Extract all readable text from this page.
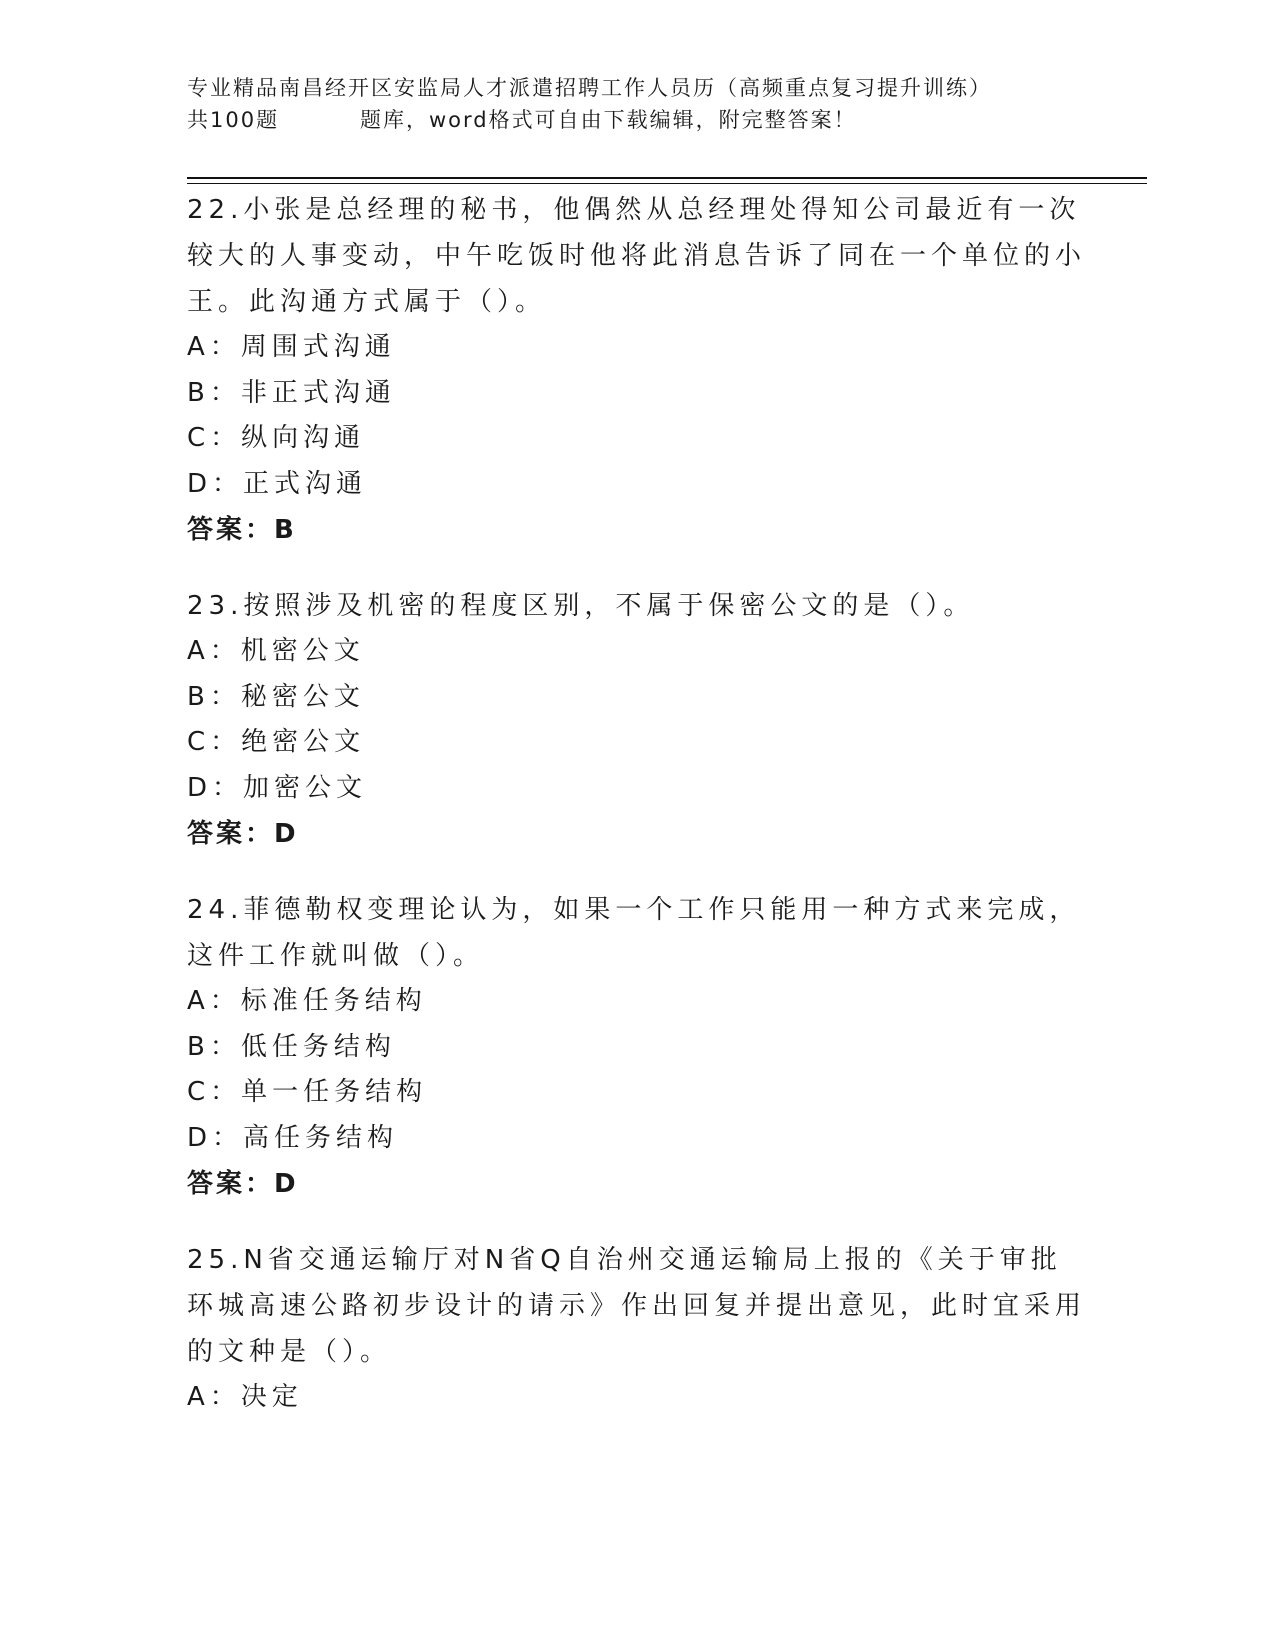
专业精品南昌经开区安监局人才派遣招聘工作人员历（高频重点复习提升训练）
共100题	题库，word格式可自由下载编辑，附完整答案！

22.小张是总经理的秘书，他偶然从总经理处得知公司最近有一次较大的人事变动，中午吃饭时他将此消息告诉了同在一个单位的小王。此沟通方式属于（）。

A：周围式沟通

B：非正式沟通

C：纵向沟通

D：正式沟通

答案：B

23.按照涉及机密的程度区别，不属于保密公文的是（）。

A：机密公文

B：秘密公文

C：绝密公文

D：加密公文

答案：D

24.菲德勒权变理论认为，如果一个工作只能用一种方式来完成，这件工作就叫做（）。

A：标准任务结构

B：低任务结构

C：单一任务结构

D：高任务结构

答案：D

25.N省交通运输厅对N省Q自治州交通运输局上报的《关于审批环城高速公路初步设计的请示》作出回复并提出意见，此时宜采用的文种是（）。

A：决定
